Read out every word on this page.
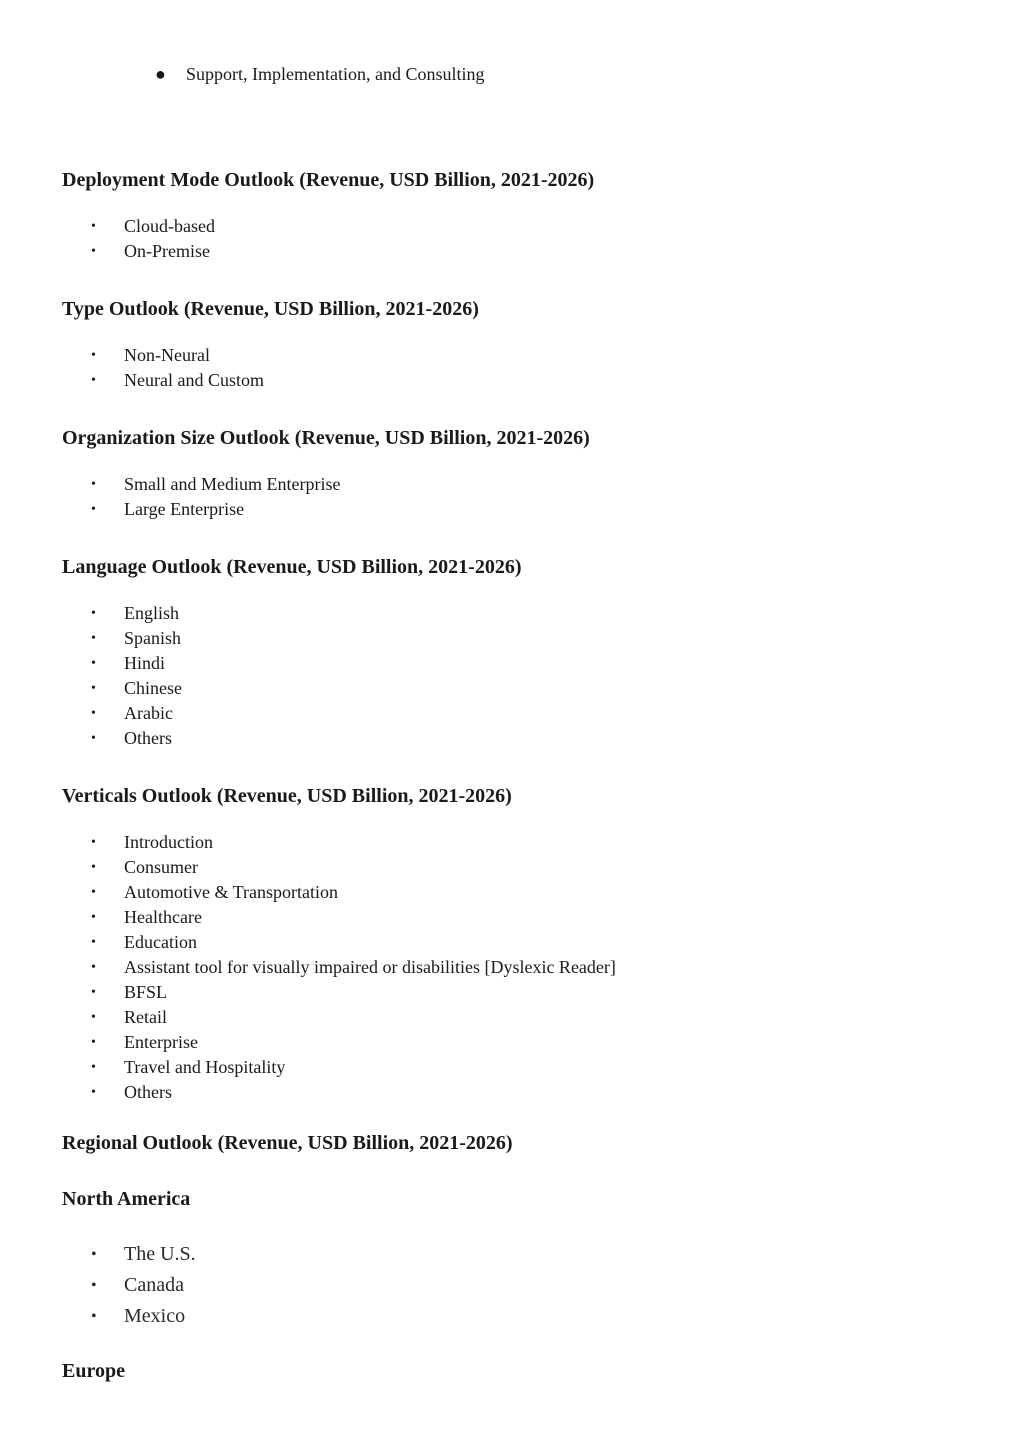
● Support, Implementation, and Consulting
Deployment Mode Outlook (Revenue, USD Billion, 2021-2026)
• Cloud-based
• On-Premise
Type Outlook (Revenue, USD Billion, 2021-2026)
• Non-Neural
• Neural and Custom
Organization Size Outlook (Revenue, USD Billion, 2021-2026)
• Small and Medium Enterprise
• Large Enterprise
Language Outlook (Revenue, USD Billion, 2021-2026)
• English
• Spanish
• Hindi
• Chinese
• Arabic
• Others
Verticals Outlook (Revenue, USD Billion, 2021-2026)
• Introduction
• Consumer
• Automotive & Transportation
• Healthcare
• Education
• Assistant tool for visually impaired or disabilities [Dyslexic Reader]
• BFSL
• Retail
• Enterprise
• Travel and Hospitality
• Others
Regional Outlook (Revenue, USD Billion, 2021-2026)
North America
• The U.S.
• Canada
• Mexico
Europe
